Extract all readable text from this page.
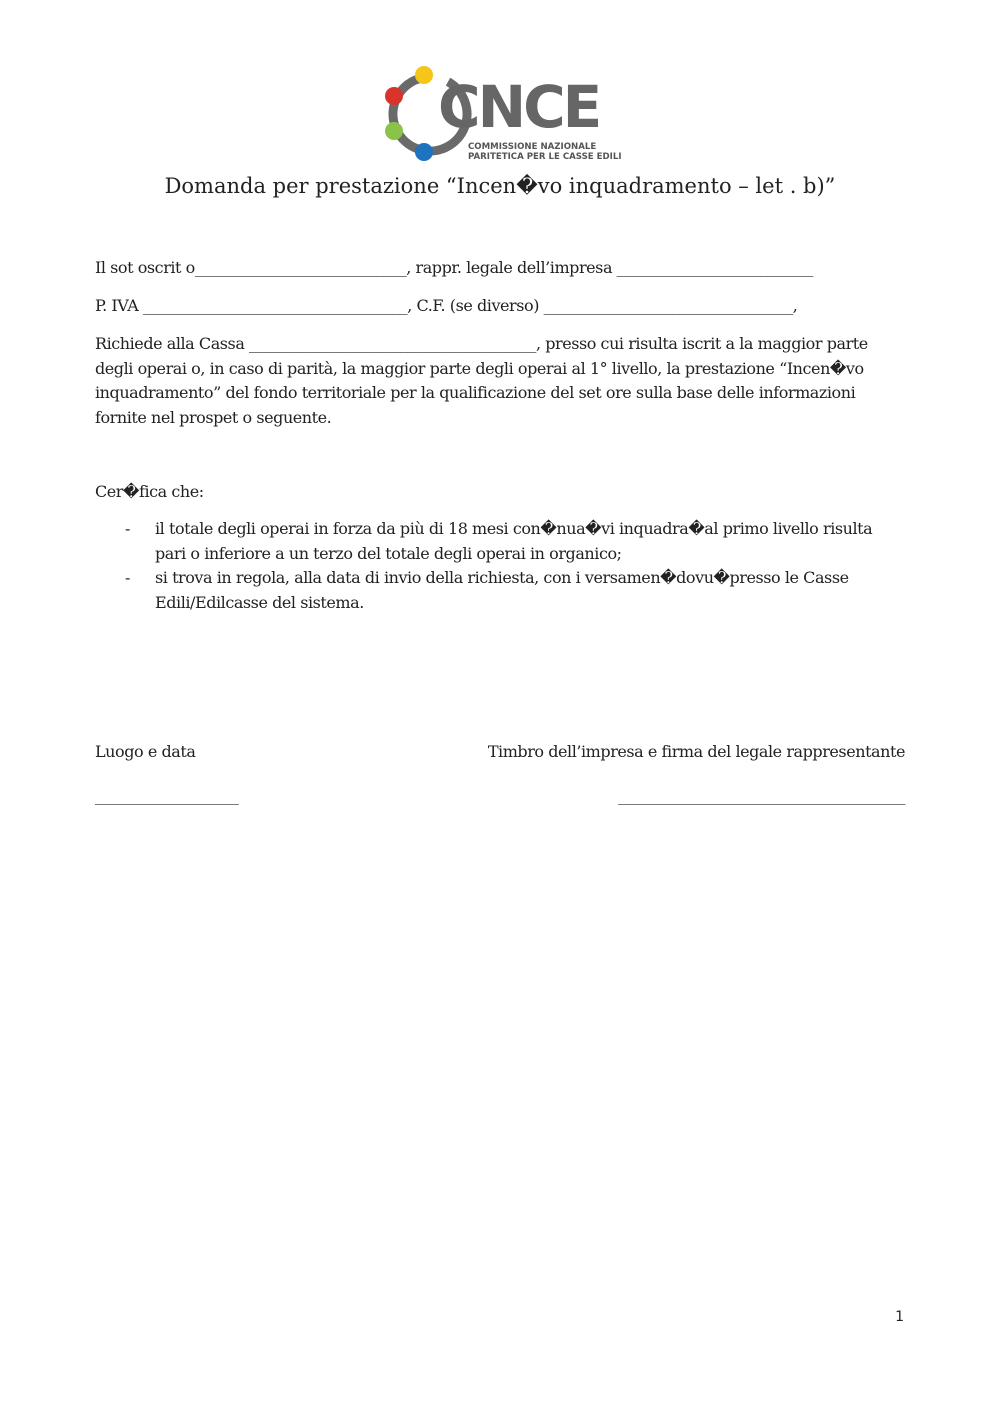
CNCE
COMMISSIONE NAZIONALE
PARITETICA PER LE CASSE EDILI
Domanda per prestazione “Incen�vo inquadramento – let . b)”

Il sot oscrit o____________________________, rappr. legale dell’impresa __________________________

P. IVA ___________________________________, C.F. (se diverso) _________________________________,

Richiede alla Cassa ______________________________________, presso cui risulta iscrit a la maggior parte degli operai o, in caso di parità, la maggior parte degli operai al 1° livello, la prestazione “Incen�vo inquadramento” del fondo territoriale per la qualificazione del set ore sulla base delle informazioni fornite nel prospet o seguente.

Cer�fica che:

- il totale degli operai in forza da più di 18 mesi con�nua�vi inquadra�al primo livello risulta pari o inferiore a un terzo del totale degli operai in organico;
- si trova in regola, alla data di invio della richiesta, con i versamen�dovu�presso le Casse Edili/Edilcasse del sistema.
Luogo e data	Timbro dell’impresa e firma del legale rappresentante
___________________	______________________________________
1
